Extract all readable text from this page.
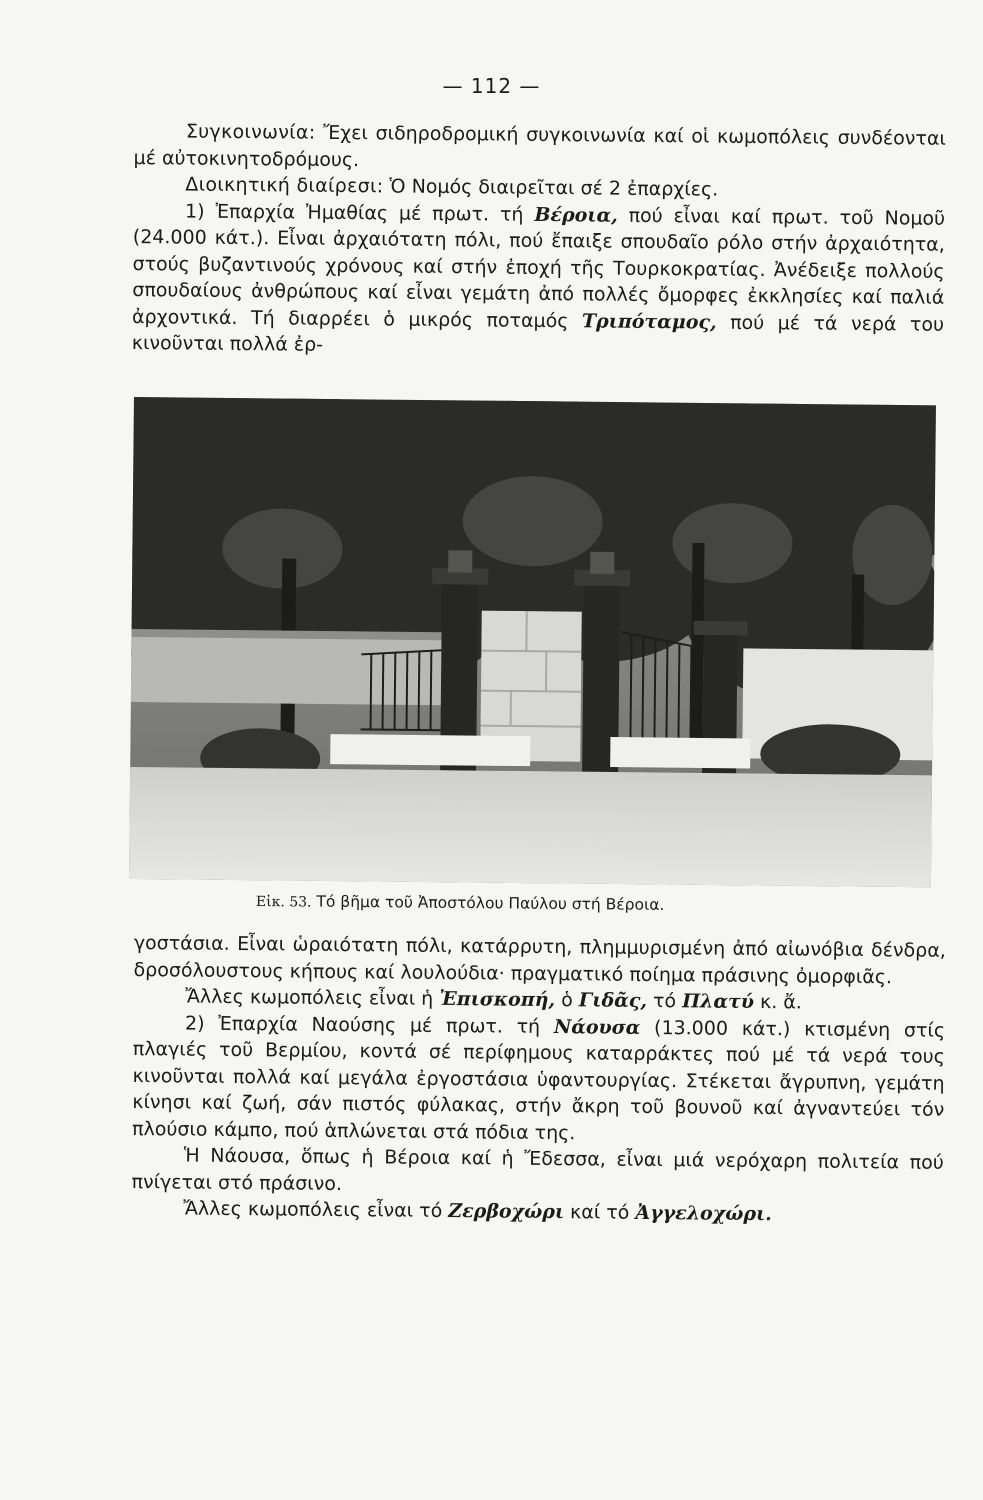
— 112 —

Συγκοινωνία: Ἔχει σιδηροδρομική συγκοινωνία καί οἱ κωμοπόλεις συνδέονται μέ αὐτοκινητοδρόμους.

Διοικητική διαίρεσι: Ὁ Νομός διαιρεῖται σέ 2 ἐπαρχίες.

1) Ἐπαρχία Ἠμαθίας μέ πρωτ. τή Βέροια, πού εἶναι καί πρωτ. τοῦ Νομοῦ (24.000 κάτ.). Εἶναι ἀρχαιότατη πόλι, πού ἔπαιξε σπουδαῖο ρόλο στήν ἀρχαιότητα, στούς βυζαντινούς χρόνους καί στήν ἐποχή τῆς Τουρκοκρατίας. Ἀνέδειξε πολλούς σπουδαίους ἀνθρώπους καί εἶναι γεμάτη ἀπό πολλές ὄμορφες ἐκκλησίες καί παλιά ἀρχοντικά. Τή διαρρέει ὁ μικρός ποταμός Τριπόταμος, πού μέ τά νερά του κινοῦνται πολλά ἐρ-

Εἰκ. 53. Τό βῆμα τοῦ Ἀποστόλου Παύλου στή Βέροια.

γοστάσια. Εἶναι ὡραιότατη πόλι, κατάρρυτη, πλημμυρισμένη ἀπό αἰωνόβια δένδρα, δροσόλουστους κήπους καί λουλούδια· πραγματικό ποίημα πράσινης ὀμορφιᾶς.

Ἄλλες κωμοπόλεις εἶναι ἡ Ἐπισκοπή, ὁ Γιδᾶς, τό Πλατύ κ. ἄ.

2) Ἐπαρχία Ναούσης μέ πρωτ. τή Νάουσα (13.000 κάτ.) κτισμένη στίς πλαγιές τοῦ Βερμίου, κοντά σέ περίφημους καταρράκτες πού μέ τά νερά τους κινοῦνται πολλά καί μεγάλα ἐργοστάσια ὑφαντουργίας. Στέκεται ἄγρυπνη, γεμάτη κίνησι καί ζωή, σάν πιστός φύλακας, στήν ἄκρη τοῦ βουνοῦ καί ἀγναντεύει τόν πλούσιο κάμπο, πού ἁπλώνεται στά πόδια της.

Ἡ Νάουσα, ὅπως ἡ Βέροια καί ἡ Ἔδεσσα, εἶναι μιά νερόχαρη πολιτεία πού πνίγεται στό πράσινο.

Ἄλλες κωμοπόλεις εἶναι τό Ζερβοχώρι καί τό Ἀγγελοχώρι.
